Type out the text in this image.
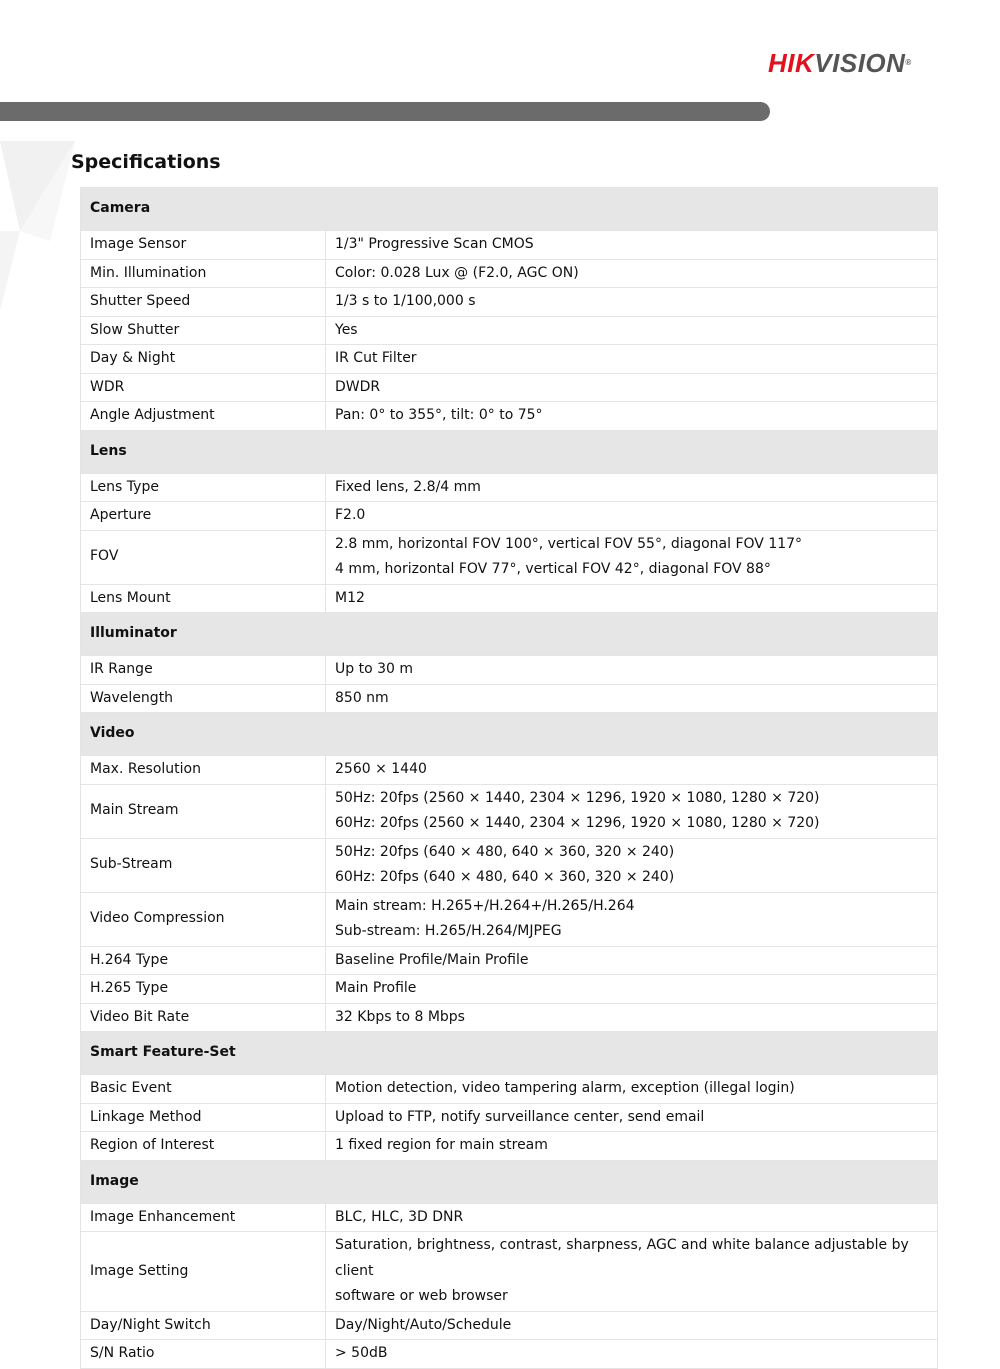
HIKVISION®
Specifications
Camera	
Image Sensor	1/3" Progressive Scan CMOS

Min. Illumination	Color: 0.028 Lux @ (F2.0, AGC ON)

Shutter Speed	1/3 s to 1/100,000 s

Slow Shutter	Yes

Day & Night	IR Cut Filter

WDR	DWDR

Angle Adjustment	Pan: 0° to 355°, tilt: 0° to 75°

Lens	
Lens Type	Fixed lens, 2.8/4 mm

Aperture	F2.0

FOV	2.8 mm, horizontal FOV 100°, vertical FOV 55°, diagonal FOV 117°
4 mm, horizontal FOV 77°, vertical FOV 42°, diagonal FOV 88°

Lens Mount	M12

Illuminator	
IR Range	Up to 30 m

Wavelength	850 nm

Video	
Max. Resolution	2560 × 1440

Main Stream	50Hz: 20fps (2560 × 1440, 2304 × 1296, 1920 × 1080, 1280 × 720)
60Hz: 20fps (2560 × 1440, 2304 × 1296, 1920 × 1080, 1280 × 720)

Sub-Stream	50Hz: 20fps (640 × 480, 640 × 360, 320 × 240)
60Hz: 20fps (640 × 480, 640 × 360, 320 × 240)

Video Compression	Main stream: H.265+/H.264+/H.265/H.264
Sub-stream: H.265/H.264/MJPEG

H.264 Type	Baseline Profile/Main Profile

H.265 Type	Main Profile

Video Bit Rate	32 Kbps to 8 Mbps

Smart Feature-Set	
Basic Event	Motion detection, video tampering alarm, exception (illegal login)

Linkage Method	Upload to FTP, notify surveillance center, send email

Region of Interest	1 fixed region for main stream

Image	
Image Enhancement	BLC, HLC, 3D DNR

Image Setting	Saturation, brightness, contrast, sharpness, AGC and white balance adjustable by client
software or web browser

Day/Night Switch	Day/Night/Auto/Schedule

S/N Ratio	> 50dB
